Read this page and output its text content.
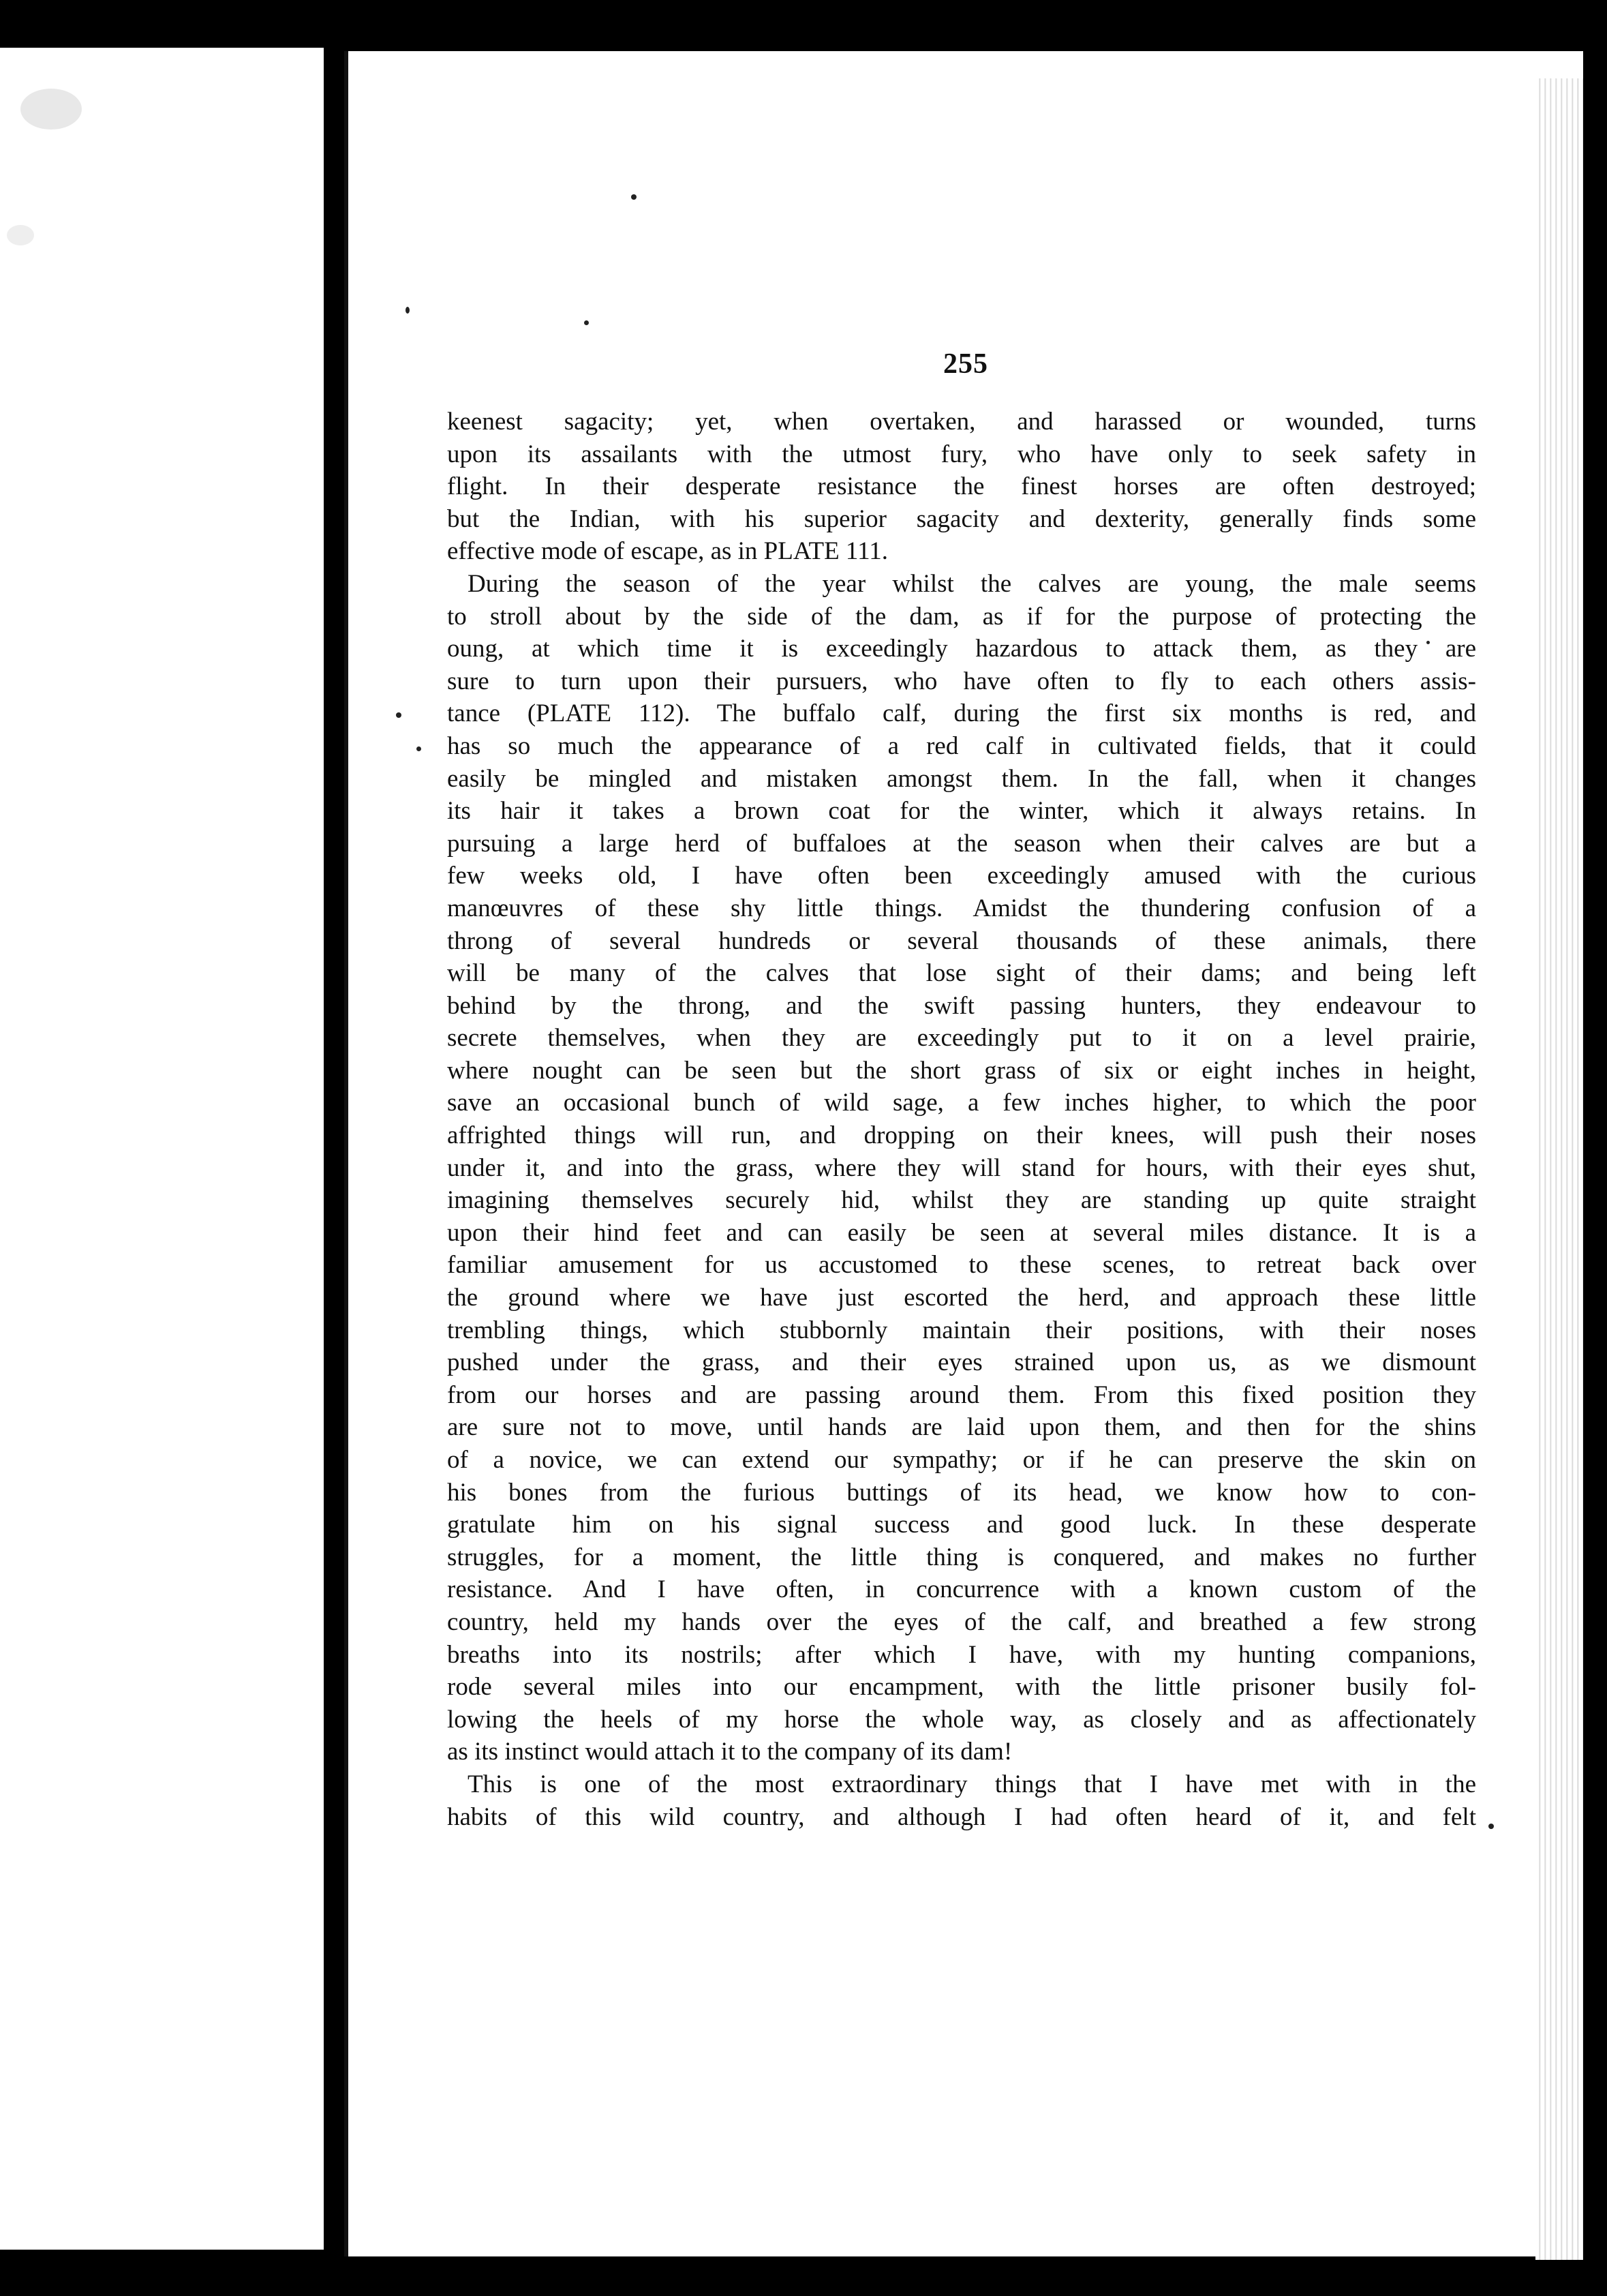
255
keenest sagacity; yet, when overtaken, and harassed or wounded, turns
upon its assailants with the utmost fury, who have only to seek safety in
flight. In their desperate resistance the finest horses are often destroyed;
but the Indian, with his superior sagacity and dexterity, generally finds some
effective mode of escape, as in PLATE 111.
During the season of the year whilst the calves are young, the male seems
to stroll about by the side of the dam, as if for the purpose of protecting the
oung, at which time it is exceedingly hazardous to attack them, as they are
sure to turn upon their pursuers, who have often to fly to each others assis-
tance (PLATE 112). The buffalo calf, during the first six months is red, and
has so much the appearance of a red calf in cultivated fields, that it could
easily be mingled and mistaken amongst them. In the fall, when it changes
its hair it takes a brown coat for the winter, which it always retains. In
pursuing a large herd of buffaloes at the season when their calves are but a
few weeks old, I have often been exceedingly amused with the curious
manœuvres of these shy little things. Amidst the thundering confusion of a
throng of several hundreds or several thousands of these animals, there
will be many of the calves that lose sight of their dams; and being left
behind by the throng, and the swift passing hunters, they endeavour to
secrete themselves, when they are exceedingly put to it on a level prairie,
where nought can be seen but the short grass of six or eight inches in height,
save an occasional bunch of wild sage, a few inches higher, to which the poor
affrighted things will run, and dropping on their knees, will push their noses
under it, and into the grass, where they will stand for hours, with their eyes shut,
imagining themselves securely hid, whilst they are standing up quite straight
upon their hind feet and can easily be seen at several miles distance. It is a
familiar amusement for us accustomed to these scenes, to retreat back over
the ground where we have just escorted the herd, and approach these little
trembling things, which stubbornly maintain their positions, with their noses
pushed under the grass, and their eyes strained upon us, as we dismount
from our horses and are passing around them. From this fixed position they
are sure not to move, until hands are laid upon them, and then for the shins
of a novice, we can extend our sympathy; or if he can preserve the skin on
his bones from the furious buttings of its head, we know how to con-
gratulate him on his signal success and good luck. In these desperate
struggles, for a moment, the little thing is conquered, and makes no further
resistance. And I have often, in concurrence with a known custom of the
country, held my hands over the eyes of the calf, and breathed a few strong
breaths into its nostrils; after which I have, with my hunting companions,
rode several miles into our encampment, with the little prisoner busily fol-
lowing the heels of my horse the whole way, as closely and as affectionately
as its instinct would attach it to the company of its dam!
This is one of the most extraordinary things that I have met with in the
habits of this wild country, and although I had often heard of it, and felt
